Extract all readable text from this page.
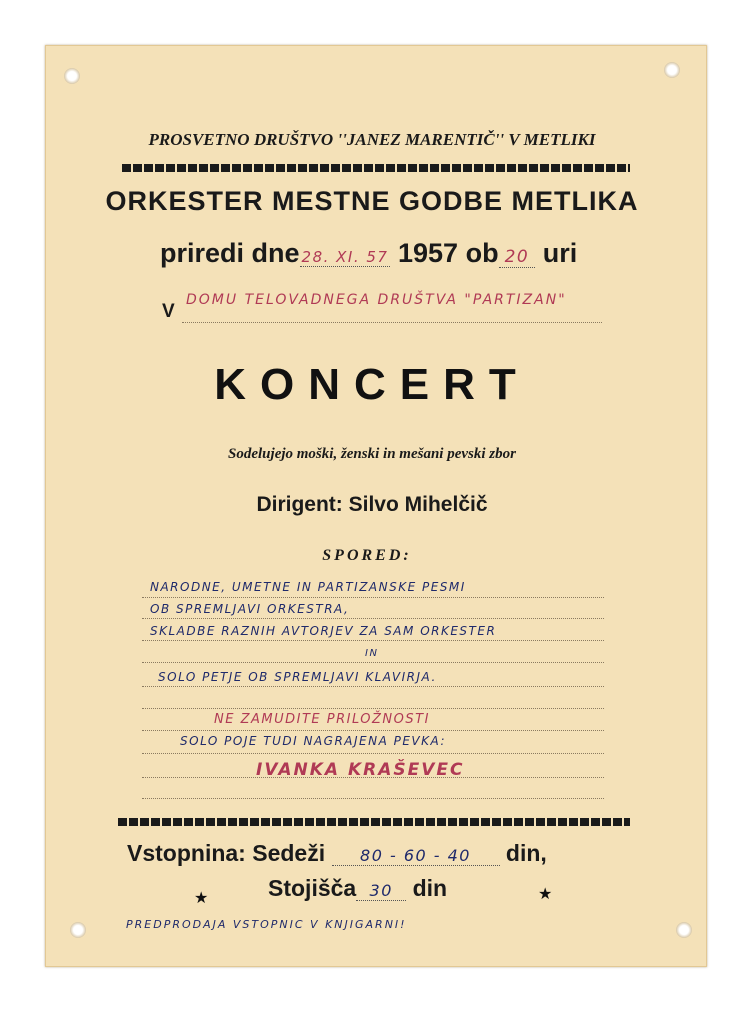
PROSVETNO DRUŠTVO ''JANEZ MARENTIČ'' V METLIKI
ORKESTER MESTNE GODBE METLIKA
priredi dne 28. XI. 57 1957 ob 20 uri
V
DOMU TELOVADNEGA DRUŠTVA "PARTIZAN"
KONCERT
Sodelujejo moški, ženski in mešani pevski zbor
Dirigent: Silvo Mihelčič
SPORED:
NARODNE, UMETNE IN PARTIZANSKE PESMI
OB SPREMLJAVI ORKESTRA,
SKLADBE RAZNIH AVTORJEV ZA SAM ORKESTER
IN
SOLO PETJE OB SPREMLJAVI KLAVIRJA.
NE ZAMUDITE PRILOŽNOSTI
SOLO POJE TUDI NAGRAJENA PEVKA:
IVANKA KRAŠEVEC
Vstopnina: Sedeži 80 - 60 - 40 din,
★	★
Stojišča 30 din
PREDPRODAJA VSTOPNIC V KNJIGARNI!
